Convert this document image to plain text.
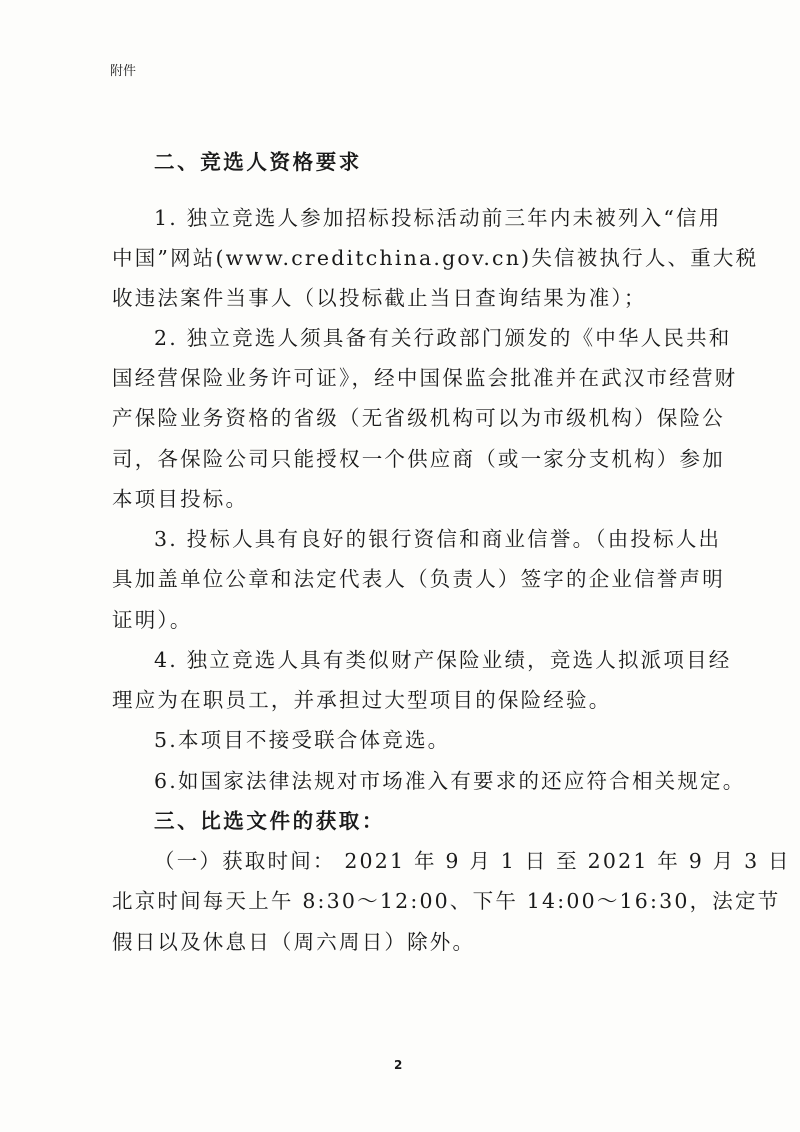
附件
二、竞选人资格要求
1. 独立竞选人参加招标投标活动前三年内未被列入“信用
中国”网站(www.creditchina.gov.cn)失信被执行人、重大税
收违法案件当事人（以投标截止当日查询结果为准）；
2. 独立竞选人须具备有关行政部门颁发的《中华人民共和
国经营保险业务许可证》，经中国保监会批准并在武汉市经营财
产保险业务资格的省级（无省级机构可以为市级机构）保险公
司，各保险公司只能授权一个供应商（或一家分支机构）参加
本项目投标。
3. 投标人具有良好的银行资信和商业信誉。（由投标人出
具加盖单位公章和法定代表人（负责人）签字的企业信誉声明
证明）。
4. 独立竞选人具有类似财产保险业绩，竞选人拟派项目经
理应为在职员工，并承担过大型项目的保险经验。
5.本项目不接受联合体竞选。
6.如国家法律法规对市场准入有要求的还应符合相关规定。
三、比选文件的获取：
（一）获取时间： 2021 年 9 月 1 日 至 2021 年 9 月 3 日
北京时间每天上午 8:30～12:00、下午 14:00～16:30，法定节
假日以及休息日（周六周日）除外。
2
